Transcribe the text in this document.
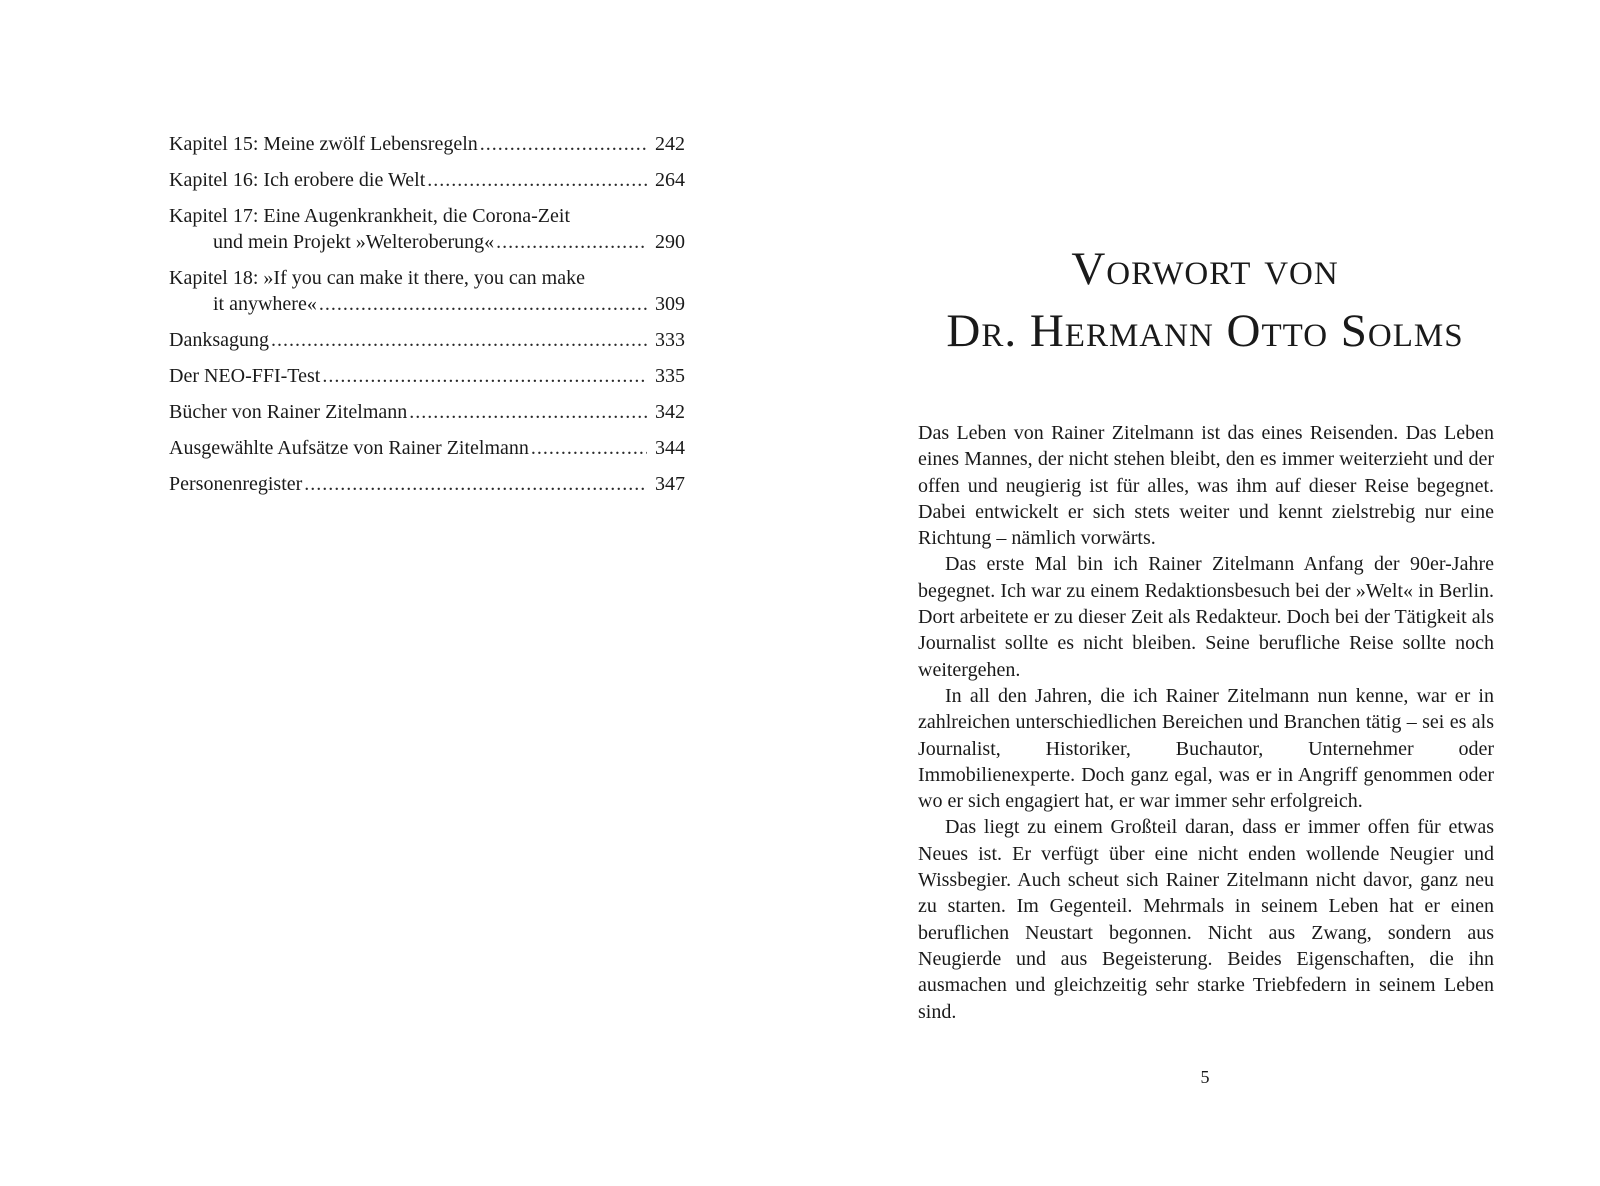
Kapitel 15: Meine zwölf Lebensregeln .....	242
Kapitel 16: Ich erobere die Welt .....	264
Kapitel 17: Eine Augenkrankheit, die Corona-Zeit
und mein Projekt »Welteroberung« .....	290
Kapitel 18: »If you can make it there, you can make
it anywhere« .....	309
Danksagung .....	333
Der NEO-FFI-Test .....	335
Bücher von Rainer Zitelmann .....	342
Ausgewählte Aufsätze von Rainer Zitelmann .....	344
Personenregister .....	347
Vorwort von
Dr. Hermann Otto Solms

Das Leben von Rainer Zitelmann ist das eines Reisenden. Das Leben eines Mannes, der nicht stehen bleibt, den es immer weiterzieht und der offen und neugierig ist für alles, was ihm auf dieser Reise begegnet. Dabei entwickelt er sich stets weiter und kennt zielstrebig nur eine Richtung – nämlich vorwärts.

Das erste Mal bin ich Rainer Zitelmann Anfang der 90er-Jahre begegnet. Ich war zu einem Redaktionsbesuch bei der »Welt« in Berlin. Dort arbeitete er zu dieser Zeit als Redakteur. Doch bei der Tätigkeit als Journalist sollte es nicht bleiben. Seine berufliche Reise sollte noch weitergehen.

In all den Jahren, die ich Rainer Zitelmann nun kenne, war er in zahlreichen unterschiedlichen Bereichen und Branchen tätig – sei es als Journalist, Historiker, Buchautor, Unternehmer oder Immobilienexperte. Doch ganz egal, was er in Angriff genommen oder wo er sich engagiert hat, er war immer sehr erfolgreich.

Das liegt zu einem Großteil daran, dass er immer offen für etwas Neues ist. Er verfügt über eine nicht enden wollende Neugier und Wissbegier. Auch scheut sich Rainer Zitelmann nicht davor, ganz neu zu starten. Im Gegenteil. Mehrmals in seinem Leben hat er einen beruflichen Neustart begonnen. Nicht aus Zwang, sondern aus Neugierde und aus Begeisterung. Beides Eigenschaften, die ihn ausmachen und gleichzeitig sehr starke Triebfedern in seinem Leben sind.

5
